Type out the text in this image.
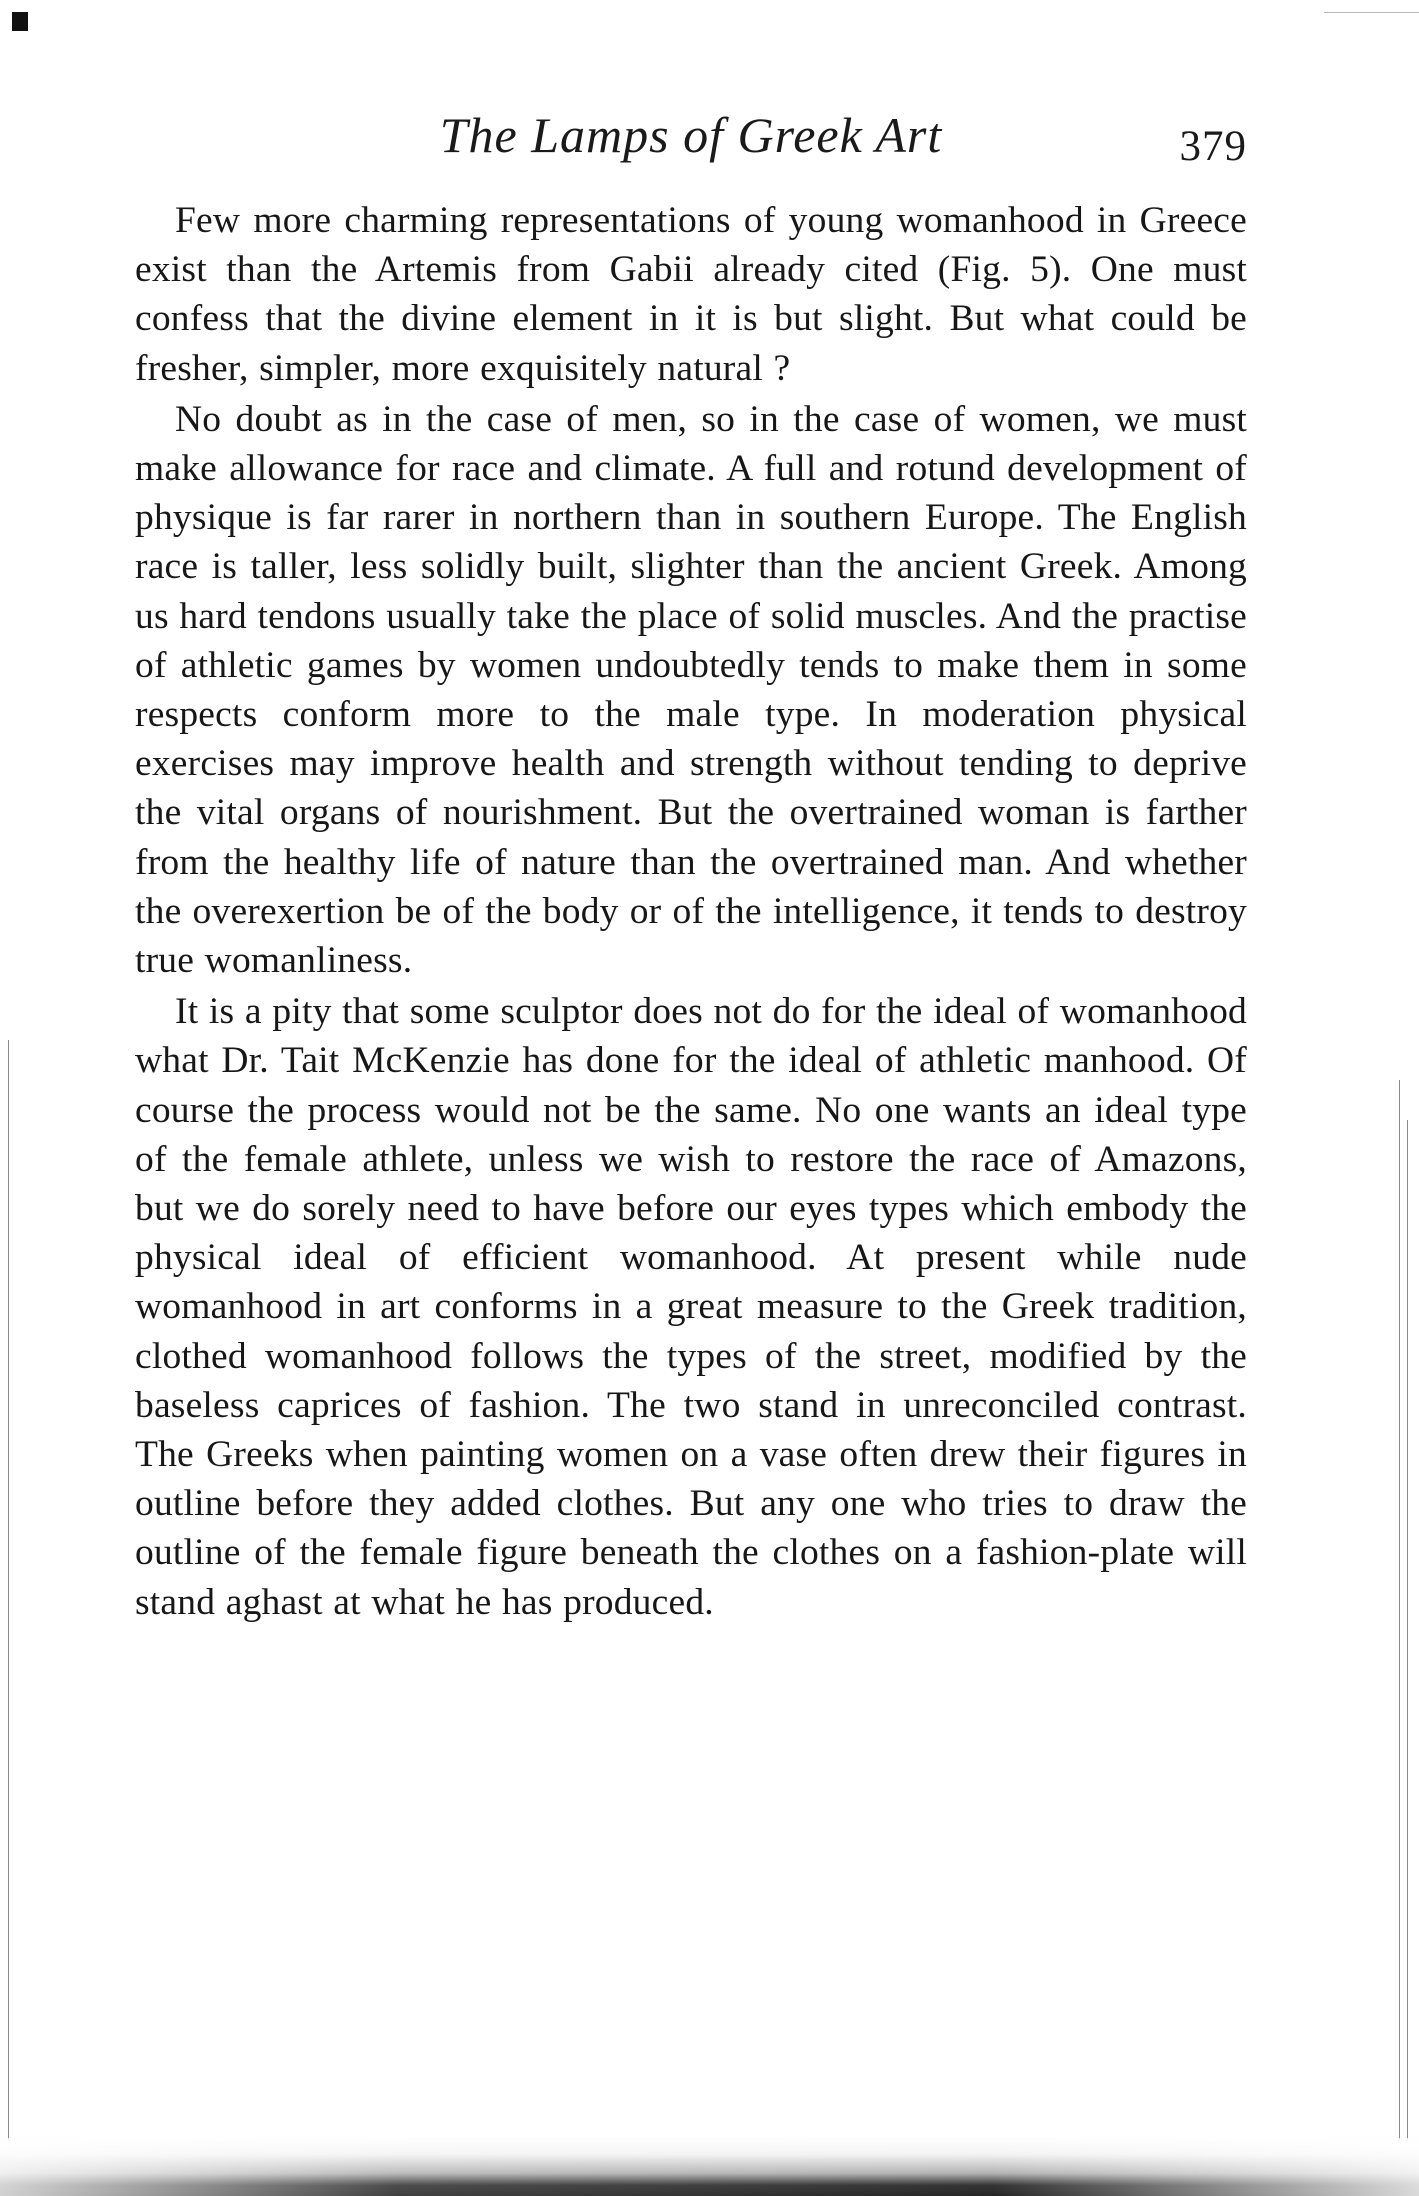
The Lamps of Greek Art	379

Few more charming representations of young womanhood in Greece exist than the Artemis from Gabii already cited (Fig. 5). One must confess that the divine element in it is but slight. But what could be fresher, simpler, more exquisitely natural ?

No doubt as in the case of men, so in the case of women, we must make allowance for race and climate. A full and rotund development of physique is far rarer in northern than in southern Europe. The English race is taller, less solidly built, slighter than the ancient Greek. Among us hard tendons usually take the place of solid muscles. And the practise of athletic games by women undoubtedly tends to make them in some respects conform more to the male type. In moderation physical exercises may improve health and strength without tending to deprive the vital organs of nourishment. But the overtrained woman is farther from the healthy life of nature than the overtrained man. And whether the overexertion be of the body or of the intelligence, it tends to destroy true womanliness.

It is a pity that some sculptor does not do for the ideal of womanhood what Dr. Tait McKenzie has done for the ideal of athletic manhood. Of course the process would not be the same. No one wants an ideal type of the female athlete, unless we wish to restore the race of Amazons, but we do sorely need to have before our eyes types which embody the physical ideal of efficient womanhood. At present while nude womanhood in art conforms in a great measure to the Greek tradition, clothed womanhood follows the types of the street, modified by the baseless caprices of fashion. The two stand in unreconciled contrast. The Greeks when painting women on a vase often drew their figures in outline before they added clothes. But any one who tries to draw the outline of the female figure beneath the clothes on a fashion-plate will stand aghast at what he has produced.
